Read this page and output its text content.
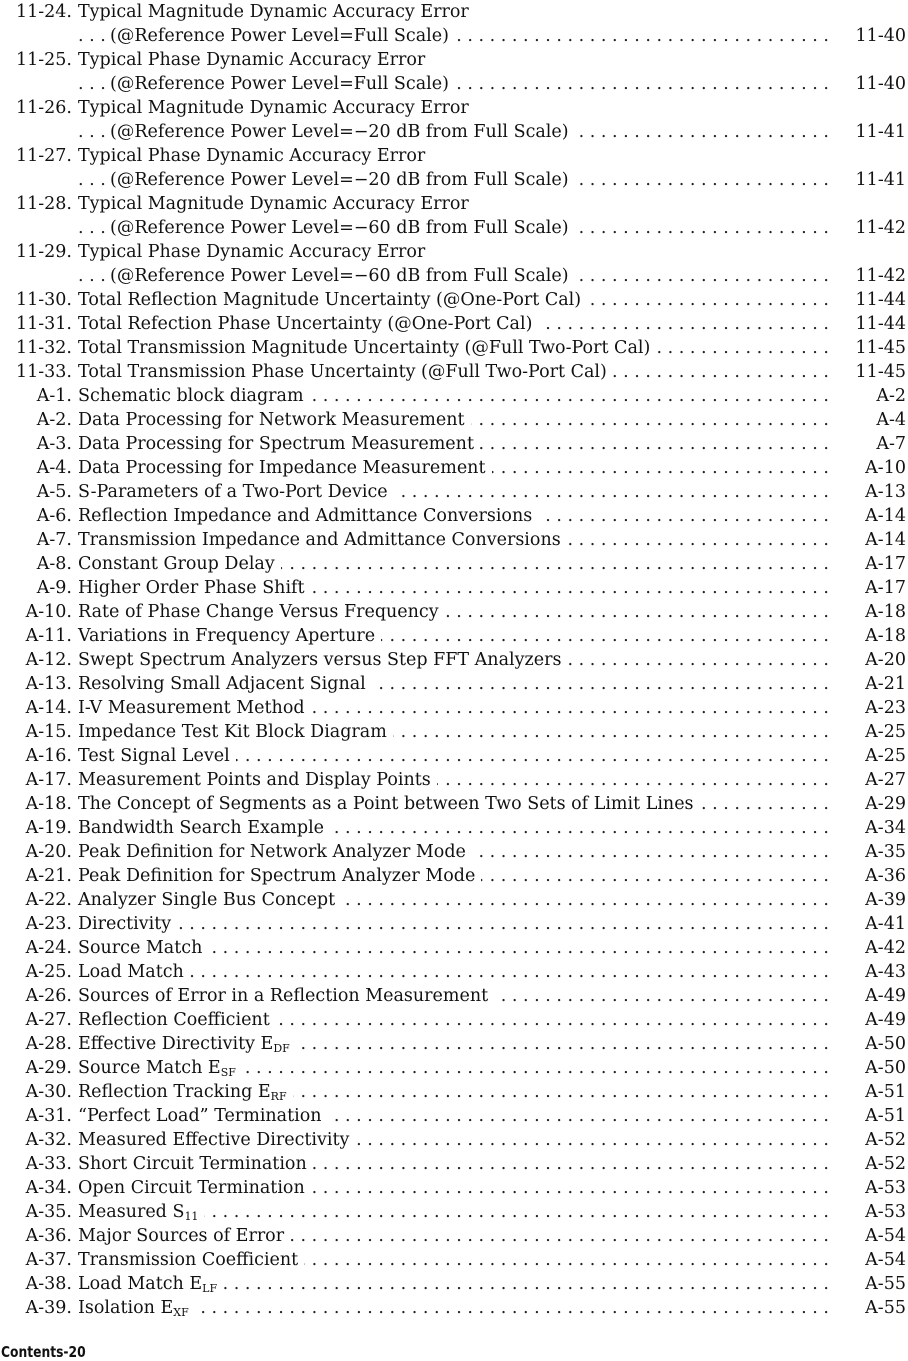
11-24. Typical Magnitude Dynamic Accuracy Error
. . .
(@Reference Power Level=Full Scale)	11-40
11-25. Typical Phase Dynamic Accuracy Error
. . .
(@Reference Power Level=Full Scale)	11-40
11-26. Typical Magnitude Dynamic Accuracy Error
. . .
(@Reference Power Level=−20 dB from Full Scale)	11-41
11-27. Typical Phase Dynamic Accuracy Error
. . .
(@Reference Power Level=−20 dB from Full Scale)	11-41
11-28. Typical Magnitude Dynamic Accuracy Error
. . .
(@Reference Power Level=−60 dB from Full Scale)	11-42
11-29. Typical Phase Dynamic Accuracy Error
. . .
(@Reference Power Level=−60 dB from Full Scale)	11-42
11-30. . . . Total Reflection Magnitude Uncertainty (@One-Port Cal)	11-44
11-31. . . . Total Refection Phase Uncertainty (@One-Port Cal)	11-44
11-32. . . . Total Transmission Magnitude Uncertainty (@Full Two-Port Cal)	11-45
11-33. . . . Total Transmission Phase Uncertainty (@Full Two-Port Cal)	11-45
A-1. . . . Schematic block diagram	A-2
A-2. . . . Data Processing for Network Measurement	A-4
A-3. . . . Data Processing for Spectrum Measurement	A-7
A-4. . . . Data Processing for Impedance Measurement	A-10
A-5. . . . S-Parameters of a Two-Port Device	A-13
A-6. . . . Reflection Impedance and Admittance Conversions	A-14
A-7. . . . Transmission Impedance and Admittance Conversions	A-14
A-8. . . . Constant Group Delay	A-17
A-9. . . . Higher Order Phase Shift	A-17
A-10. . . . Rate of Phase Change Versus Frequency	A-18
A-11. . . . Variations in Frequency Aperture	A-18
A-12. . . . Swept Spectrum Analyzers versus Step FFT Analyzers	A-20
A-13. . . . Resolving Small Adjacent Signal	A-21
A-14. . . . I-V Measurement Method	A-23
A-15. . . . Impedance Test Kit Block Diagram	A-25
A-16. . . . Test Signal Level	A-25
A-17. . . . Measurement Points and Display Points	A-27
A-18. . . . The Concept of Segments as a Point between Two Sets of Limit Lines	A-29
A-19. . . . Bandwidth Search Example	A-34
A-20. . . . Peak Definition for Network Analyzer Mode	A-35
A-21. . . . Peak Definition for Spectrum Analyzer Mode	A-36
A-22. . . . Analyzer Single Bus Concept	A-39
A-23. . . . Directivity	A-41
A-24. . . . Source Match	A-42
A-25. . . . Load Match	A-43
A-26. . . . Sources of Error in a Reflection Measurement	A-49
A-27. . . . Reflection Coefficient	A-49
A-28. . . . Effective Directivity $E_{DF}$	A-50
A-29. . . . Source Match $E_{SF}$	A-50
A-30. . . . Reflection Tracking $E_{RF}$	A-51
A-31. . . . “Perfect Load” Termination	A-51
A-32. . . . Measured Effective Directivity	A-52
A-33. . . . Short Circuit Termination	A-52
A-34. . . . Open Circuit Termination	A-53
A-35. . . . Measured $S_{11}$	A-53
A-36. . . . Major Sources of Error	A-54
A-37. . . . Transmission Coefficient	A-54
A-38. . . . Load Match $E_{LF}$	A-55
A-39. . . . Isolation $E_{XF}$	A-55
Contents-20
